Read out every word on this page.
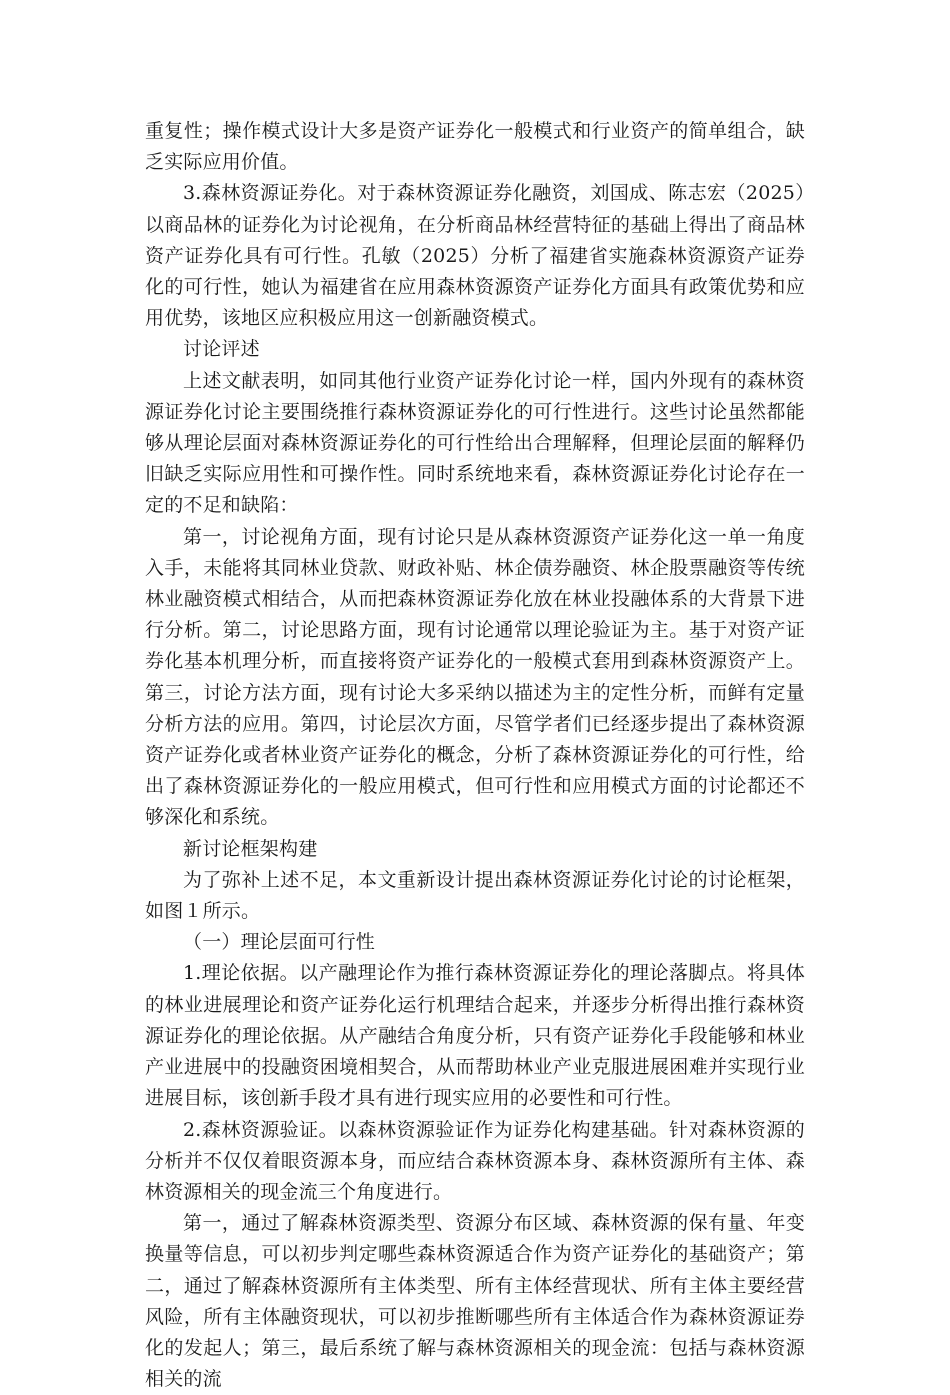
重复性；操作模式设计大多是资产证券化一般模式和行业资产的简单组合，缺乏实际应用价值。

3.森林资源证券化。对于森林资源证券化融资，刘国成、陈志宏（2025）以商品林的证券化为讨论视角，在分析商品林经营特征的基础上得出了商品林资产证券化具有可行性。孔敏（2025）分析了福建省实施森林资源资产证券化的可行性，她认为福建省在应用森林资源资产证券化方面具有政策优势和应用优势，该地区应积极应用这一创新融资模式。

讨论评述

上述文献表明，如同其他行业资产证券化讨论一样，国内外现有的森林资源证券化讨论主要围绕推行森林资源证券化的可行性进行。这些讨论虽然都能够从理论层面对森林资源证券化的可行性给出合理解释，但理论层面的解释仍旧缺乏实际应用性和可操作性。同时系统地来看，森林资源证券化讨论存在一定的不足和缺陷：

第一，讨论视角方面，现有讨论只是从森林资源资产证券化这一单一角度入手，未能将其同林业贷款、财政补贴、林企债券融资、林企股票融资等传统林业融资模式相结合，从而把森林资源证券化放在林业投融体系的大背景下进行分析。第二，讨论思路方面，现有讨论通常以理论验证为主。基于对资产证券化基本机理分析，而直接将资产证券化的一般模式套用到森林资源资产上。第三，讨论方法方面，现有讨论大多采纳以描述为主的定性分析，而鲜有定量分析方法的应用。第四，讨论层次方面，尽管学者们已经逐步提出了森林资源资产证券化或者林业资产证券化的概念，分析了森林资源证券化的可行性，给出了森林资源证券化的一般应用模式，但可行性和应用模式方面的讨论都还不够深化和系统。

新讨论框架构建

为了弥补上述不足，本文重新设计提出森林资源证券化讨论的讨论框架，如图１所示。

（一）理论层面可行性

1.理论依据。以产融理论作为推行森林资源证券化的理论落脚点。将具体的林业进展理论和资产证券化运行机理结合起来，并逐步分析得出推行森林资源证券化的理论依据。从产融结合角度分析，只有资产证券化手段能够和林业产业进展中的投融资困境相契合，从而帮助林业产业克服进展困难并实现行业进展目标，该创新手段才具有进行现实应用的必要性和可行性。

2.森林资源验证。以森林资源验证作为证券化构建基础。针对森林资源的分析并不仅仅着眼资源本身，而应结合森林资源本身、森林资源所有主体、森林资源相关的现金流三个角度进行。

第一，通过了解森林资源类型、资源分布区域、森林资源的保有量、年变换量等信息，可以初步判定哪些森林资源适合作为资产证券化的基础资产；第二，通过了解森林资源所有主体类型、所有主体经营现状、所有主体主要经营风险，所有主体融资现状，可以初步推断哪些所有主体适合作为森林资源证券化的发起人；第三，最后系统了解与森林资源相关的现金流：包括与森林资源相关的流
